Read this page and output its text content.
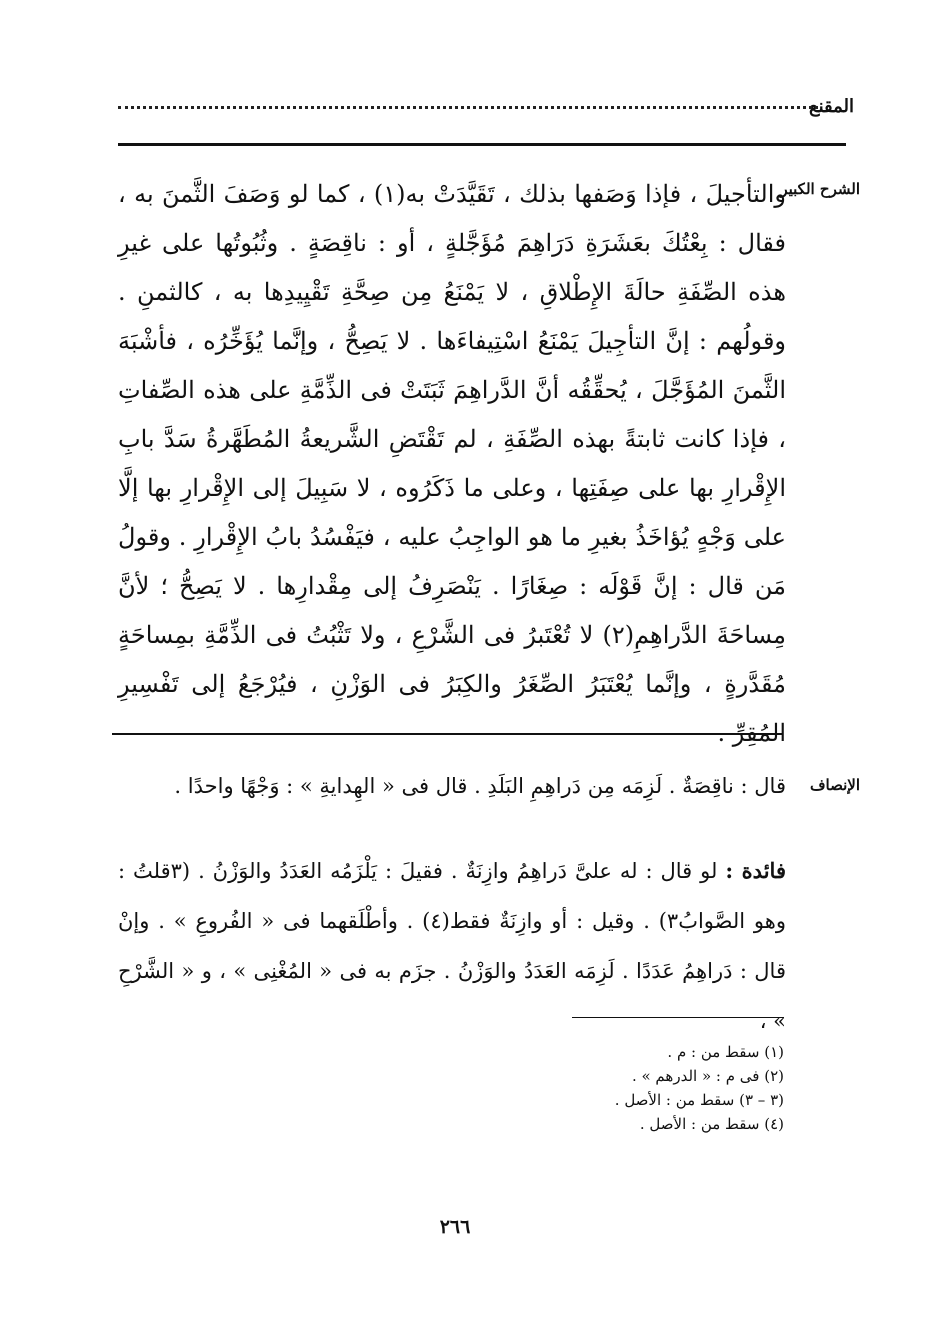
المقنع
الشرح الكبير
والتأجيلَ ، فإذا وَصَفها بذلك ، تَقَيَّدَتْ به(١) ، كما لو وَصَفَ الثَّمنَ به ، فقال : بِعْتُكَ بعَشَرَةِ دَرَاهِمَ مُؤَجَّلةٍ ، أو : ناقِصَةٍ . وثُبُوتُها على غيرِ هذه الصِّفَةِ حالَةَ الإِطْلاقِ ، لا يَمْنَعُ مِن صِحَّةِ تَقْيِيدِها به ، كالثمنِ . وقولُهم : إنَّ التأجِيلَ يَمْنَعُ اسْتِيفاءَها . لا يَصِحُّ ، وإنَّما يُؤَخِّرُه ، فأشْبَهَ الثَّمنَ المُؤَجَّلَ ، يُحقِّقُه أنَّ الدَّراهِمَ ثَبَتَتْ فى الذِّمَّةِ على هذه الصِّفاتِ ، فإذا كانت ثابتةً بهذه الصِّفَةِ ، لم تَقْتَضِ الشَّريعةُ المُطَهَّرةُ سَدَّ بابِ الإِقْرارِ بها على صِفَتِها ، وعلى ما ذَكَرُوه ، لا سَبِيلَ إلى الإِقْرارِ بها إلَّا على وَجْهٍ يُؤاخَذُ بغيرِ ما هو الواجِبُ عليه ، فيَفْسُدُ بابُ الإِقْرارِ . وقولُ مَن قال : إنَّ قَوْلَه : صِغَارًا . يَنْصَرِفُ إلى مِقْدارِها . لا يَصِحُّ ؛ لأنَّ مِساحَةَ الدَّراهِمِ(٢) لا تُعْتَبرُ فى الشَّرْعِ ، ولا تَثْبُتُ فى الذِّمَّةِ بمِساحَةٍ مُقَدَّرةٍ ، وإنَّما يُعْتَبَرُ الصِّغَرُ والكِبَرُ فى الوَزْنِ ، فيُرْجَعُ إلى تَفْسِيرِ المُقِرِّ .
الإنصاف
قال : ناقِصَةٌ . لَزِمَه مِن دَراهِمِ البَلَدِ . قال فى « الهِدايةِ » : وَجْهًا واحدًا .
فائدة : لو قال : له علىَّ دَراهِمُ وازِنَةٌ . فقيلَ : يَلْزَمُه العَدَدُ والوَزْنُ . (٣قلتُ : وهو الصَّوابُ٣) . وقيل : أو وازِنَةٌ فقط(٤) . وأطْلَقهما فى « الفُروعِ » . وإنْ قال : دَراهِمُ عَدَدًا . لَزِمَه العَدَدُ والوَزْنُ . جزَم به فى « المُغْنِى » ، و « الشَّرْحِ » ،
(١) سقط من : م .
(٢) فى م : « الدرهم » .
(٣ – ٣) سقط من : الأصل .
(٤) سقط من : الأصل .
٢٦٦
